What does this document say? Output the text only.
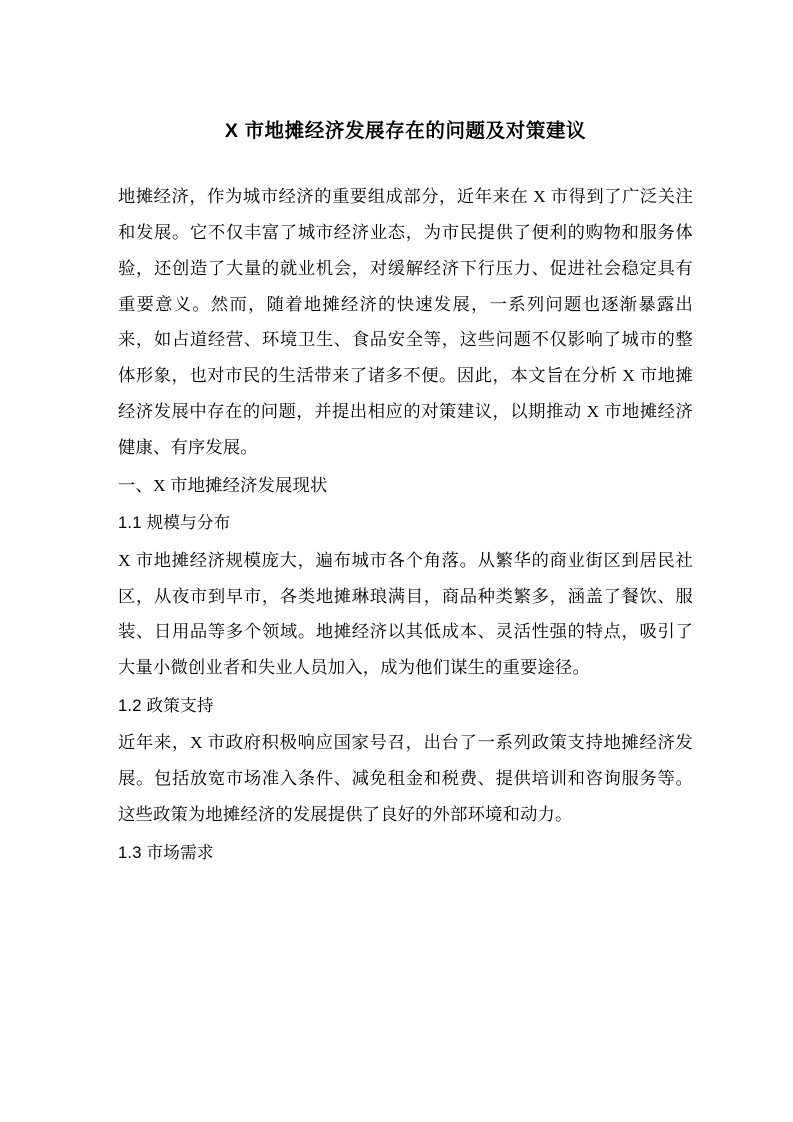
X 市地摊经济发展存在的问题及对策建议

地摊经济，作为城市经济的重要组成部分，近年来在 X 市得到了广泛关注和发展。它不仅丰富了城市经济业态，为市民提供了便利的购物和服务体验，还创造了大量的就业机会，对缓解经济下行压力、促进社会稳定具有重要意义。然而，随着地摊经济的快速发展，一系列问题也逐渐暴露出来，如占道经营、环境卫生、食品安全等，这些问题不仅影响了城市的整体形象，也对市民的生活带来了诸多不便。因此，本文旨在分析 X 市地摊经济发展中存在的问题，并提出相应的对策建议，以期推动 X 市地摊经济健康、有序发展。

一、X 市地摊经济发展现状

1.1 规模与分布

X 市地摊经济规模庞大，遍布城市各个角落。从繁华的商业街区到居民社区，从夜市到早市，各类地摊琳琅满目，商品种类繁多，涵盖了餐饮、服装、日用品等多个领域。地摊经济以其低成本、灵活性强的特点，吸引了大量小微创业者和失业人员加入，成为他们谋生的重要途径。

1.2 政策支持

近年来，X 市政府积极响应国家号召，出台了一系列政策支持地摊经济发展。包括放宽市场准入条件、减免租金和税费、提供培训和咨询服务等。这些政策为地摊经济的发展提供了良好的外部环境和动力。

1.3 市场需求
